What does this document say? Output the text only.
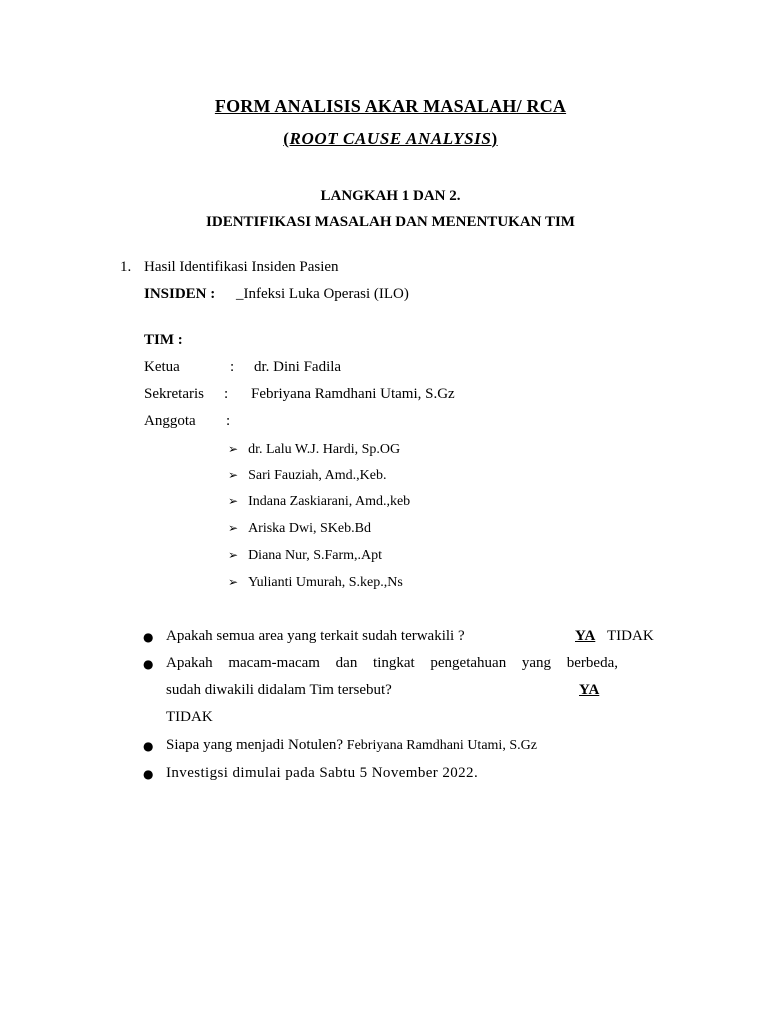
FORM ANALISIS AKAR MASALAH/ RCA
(ROOT CAUSE ANALYSIS)
LANGKAH 1 DAN 2.
IDENTIFIKASI MASALAH DAN MENENTUKAN TIM
1. Hasil Identifikasi Insiden Pasien
INSIDEN : _Infeksi Luka Operasi (ILO)
TIM :
Ketua	: dr. Dini Fadila
Sekretaris : Febriyana Ramdhani Utami, S.Gz
Anggota :
➢ dr. Lalu W.J. Hardi, Sp.OG
➢ Sari Fauziah, Amd.,Keb.
➢ Indana Zaskiarani, Amd.,keb
➢ Ariska Dwi, SKeb.Bd
➢ Diana Nur, S.Farm,.Apt
➢ Yulianti Umurah, S.kep.,Ns
● Apakah semua area yang terkait sudah terwakili ?	YA TIDAK
● Apakah macam-macam dan tingkat pengetahuan yang berbeda,
sudah diwakili didalam Tim tersebut?	YA
TIDAK
● Siapa yang menjadi Notulen? Febriyana Ramdhani Utami, S.Gz
● Investigsi dimulai pada Sabtu 5 November 2022.
